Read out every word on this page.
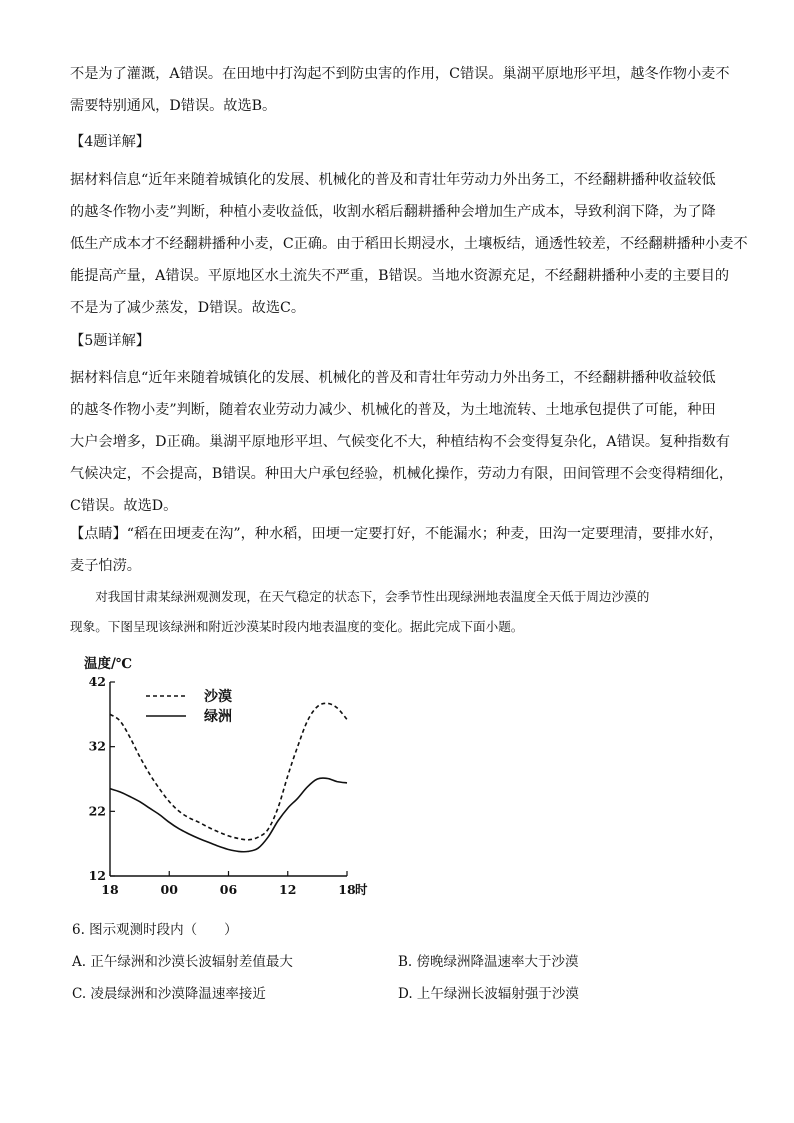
不是为了灌溉，A错误。在田地中打沟起不到防虫害的作用，C错误。巢湖平原地形平坦，越冬作物小麦不
需要特别通风，D错误。故选B。
【4题详解】
据材料信息“近年来随着城镇化的发展、机械化的普及和青壮年劳动力外出务工，不经翻耕播种收益较低
的越冬作物小麦”判断，种植小麦收益低，收割水稻后翻耕播种会增加生产成本，导致利润下降，为了降
低生产成本才不经翻耕播种小麦，C正确。由于稻田长期浸水，土壤板结，通透性较差，不经翻耕播种小麦不
能提高产量，A错误。平原地区水土流失不严重，B错误。当地水资源充足，不经翻耕播种小麦的主要目的
不是为了减少蒸发，D错误。故选C。
【5题详解】
据材料信息“近年来随着城镇化的发展、机械化的普及和青壮年劳动力外出务工，不经翻耕播种收益较低
的越冬作物小麦”判断，随着农业劳动力减少、机械化的普及，为土地流转、土地承包提供了可能，种田
大户会增多，D正确。巢湖平原地形平坦、气候变化不大，种植结构不会变得复杂化，A错误。复种指数有
气候决定，不会提高，B错误。种田大户承包经验，机械化操作，劳动力有限，田间管理不会变得精细化，
C错误。故选D。
【点睛】“稻在田埂麦在沟”，种水稻，田埂一定要打好，不能漏水；种麦，田沟一定要理清，要排水好，
麦子怕涝。
　　对我国甘肃某绿洲观测发现，在天气稳定的状态下，会季节性出现绿洲地表温度全天低于周边沙漠的
现象。下图呈现该绿洲和附近沙漠某时段内地表温度的变化。据此完成下面小题。
温度/℃
12
22
32
42
18	00	06	12	18 时
沙漠
绿洲
6. 图示观测时段内（　　）
A. 正午绿洲和沙漠长波辐射差值最大	B. 傍晚绿洲降温速率大于沙漠
C. 凌晨绿洲和沙漠降温速率接近	D. 上午绿洲长波辐射强于沙漠
